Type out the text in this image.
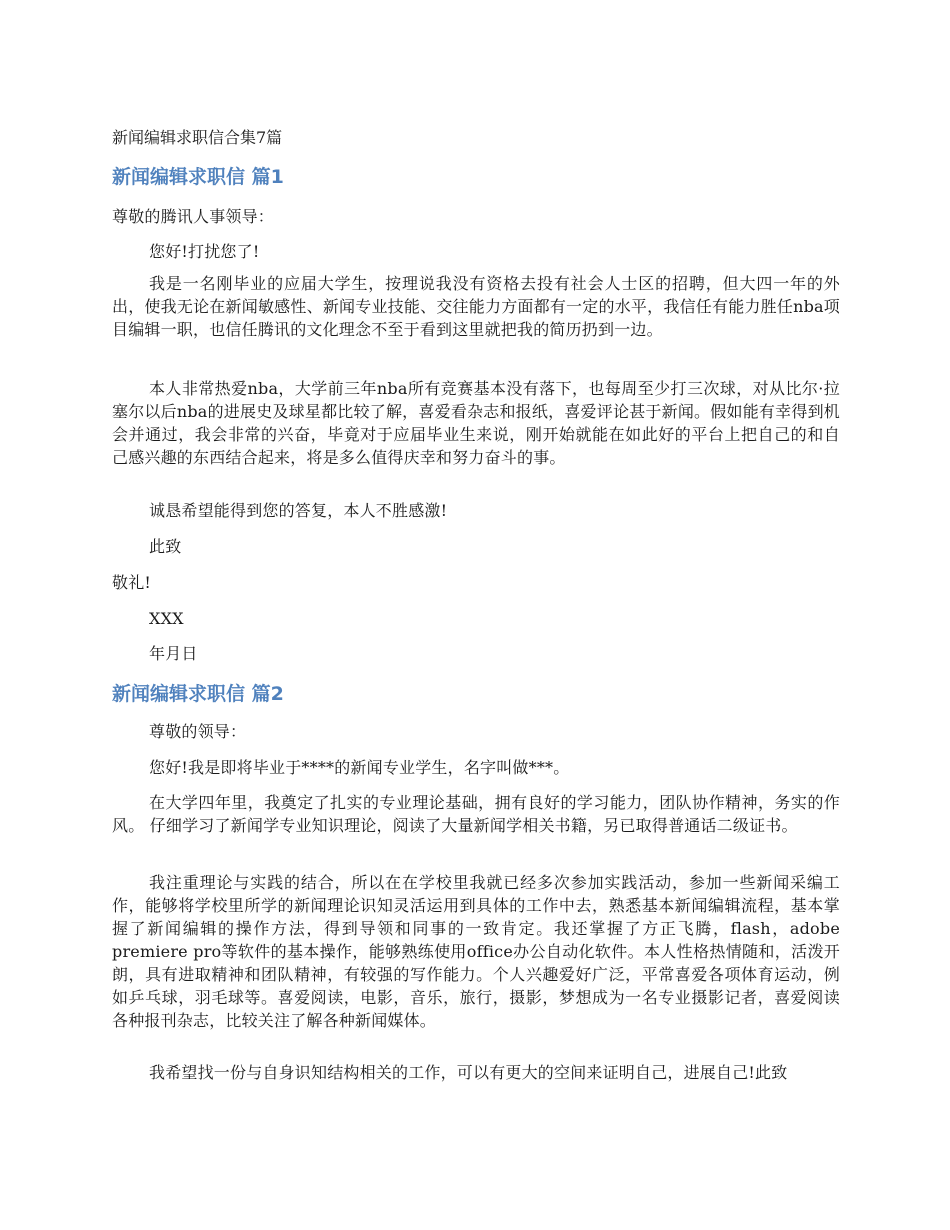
新闻编辑求职信合集7篇
新闻编辑求职信 篇1

尊敬的腾讯人事领导：

您好!打扰您了!

我是一名刚毕业的应届大学生，按理说我没有资格去投有社会人士区的招聘，但大四一年的外出，使我无论在新闻敏感性、新闻专业技能、交往能力方面都有一定的水平，我信任有能力胜任nba项目编辑一职，也信任腾讯的文化理念不至于看到这里就把我的简历扔到一边。

本人非常热爱nba，大学前三年nba所有竞赛基本没有落下，也每周至少打三次球，对从比尔·拉塞尔以后nba的进展史及球星都比较了解，喜爱看杂志和报纸，喜爱评论甚于新闻。假如能有幸得到机会并通过，我会非常的兴奋，毕竟对于应届毕业生来说，刚开始就能在如此好的平台上把自己的和自己感兴趣的东西结合起来，将是多么值得庆幸和努力奋斗的事。

诚恳希望能得到您的答复，本人不胜感激!

此致

敬礼!

XXX

年月日

新闻编辑求职信 篇2

尊敬的领导：

您好!我是即将毕业于****的新闻专业学生，名字叫做***。

在大学四年里，我奠定了扎实的专业理论基础，拥有良好的学习能力，团队协作精神，务实的作风。 仔细学习了新闻学专业知识理论，阅读了大量新闻学相关书籍，另已取得普通话二级证书。

我注重理论与实践的结合，所以在在学校里我就已经多次参加实践活动，参加一些新闻采编工作，能够将学校里所学的新闻理论识知灵活运用到具体的工作中去，熟悉基本新闻编辑流程，基本掌握了新闻编辑的操作方法，得到导领和同事的一致肯定。我还掌握了方正飞腾，flash，adobe premiere pro等软件的基本操作，能够熟练使用office办公自动化软件。本人性格热情随和，活泼开朗，具有进取精神和团队精神，有较强的写作能力。个人兴趣爱好广泛，平常喜爱各项体育运动，例如乒乓球，羽毛球等。喜爱阅读，电影，音乐，旅行，摄影，梦想成为一名专业摄影记者，喜爱阅读各种报刊杂志，比较关注了解各种新闻媒体。

我希望找一份与自身识知结构相关的工作，可以有更大的空间来证明自己，进展自己!此致
